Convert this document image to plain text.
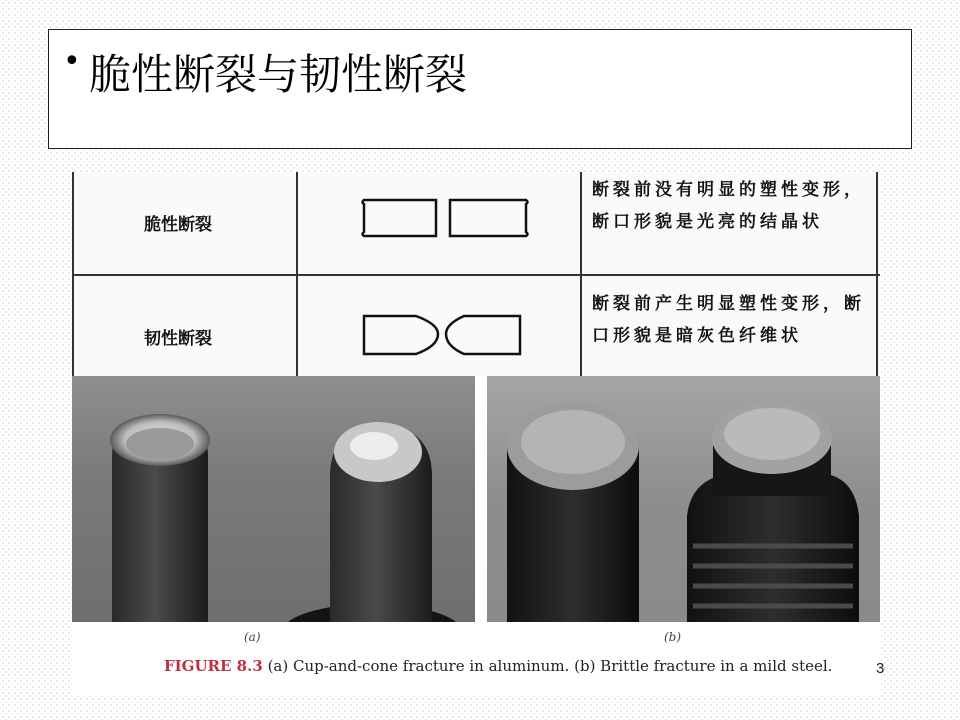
• 脆性断裂与韧性断裂
脆性断裂
断裂前没有明显的塑性变形，断口形貌是光亮的结晶状
韧性断裂
断裂前产生明显塑性变形，断口形貌是暗灰色纤维状
(a)	(b)
FIGURE 8.3 (a) Cup-and-cone fracture in aluminum. (b) Brittle fracture in a mild steel.	3
